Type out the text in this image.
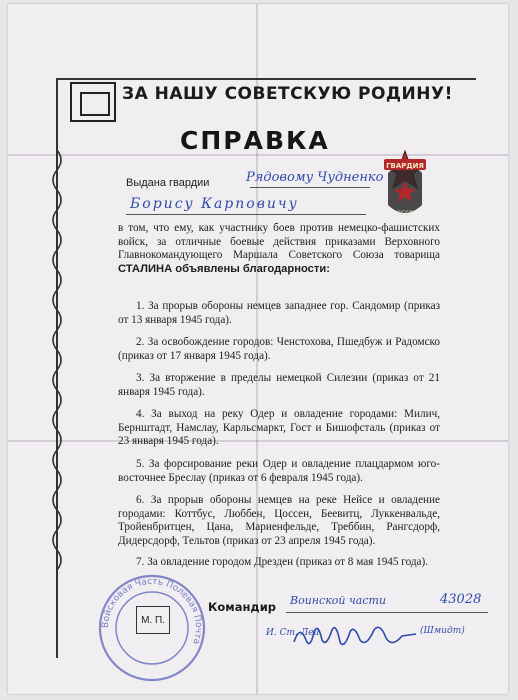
ЗА НАШУ СОВЕТСКУЮ РОДИНУ!
СПРАВКА
Выдана гвардии	Рядовому Чудненко
Борису Карповичу
ГВАРДИЯ
СССР
в том, что ему, как участнику боев против немецко-фашистских войск, за отличные боевые действия приказами Верховного Главнокомандующего Маршала Советского Союза товарища СТАЛИНА объявлены благодарности:
1. За прорыв обороны немцев западнее гор. Сандомир (приказ от 13 января 1945 года).
2. За освобождение городов: Ченстохова, Пшедбуж и Радомско (приказ от 17 января 1945 года).
3. За вторжение в пределы немецкой Силезии (приказ от 21 января 1945 года).
4. За выход на реку Одер и овладение городами: Милич, Бернштадт, Намслау, Карльсмаркт, Гост и Бишофсталь (приказ от 23 января 1945 года).
5. За форсирование реки Одер и овладение плацдармом юго-восточнее Бреслау (приказ от 6 февраля 1945 года).
6. За прорыв обороны немцев на реке Нейсе и овладение городами: Коттбус, Люббен, Цоссен, Беевитц, Луккенвальде, Тройенбритцен, Цана, Мариенфельде, Треббин, Рангсдорф, Дидерсдорф, Тельтов (приказ от 23 апреля 1945 года).
7. За овладение городом Дрезден (приказ от 8 мая 1945 года).
Войсковая Часть Полевая Почта
М. П.
Командир Воинской части	43028
И. Ст. Лей.	(Шмидт)
